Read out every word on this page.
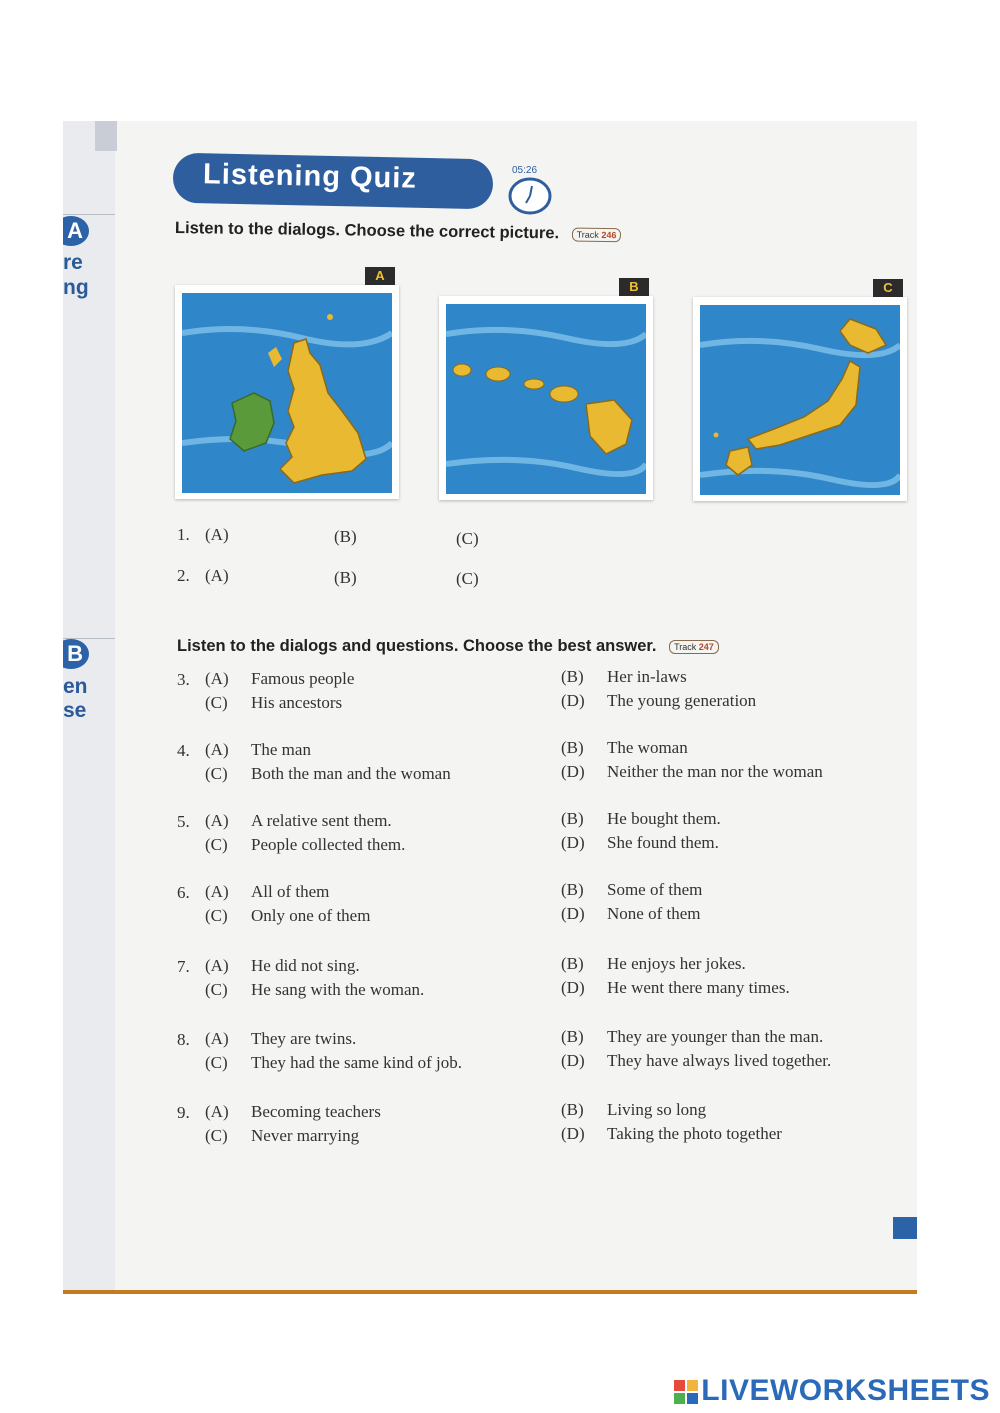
A
re
ng
B
en
se
Listening Quiz	05:26
Listen to the dialogs. Choose the correct picture. Track 246
A
B	C
1. (A)	(B)	(C)
2. (A)	(B)	(C)
Listen to the dialogs and questions. Choose the best answer. Track 247
3. (A) Famous people
(C) His ancestors
(B) Her in-laws
(D) The young generation
4. (A) The man
(C) Both the man and the woman
(B) The woman
(D) Neither the man nor the woman
5. (A) A relative sent them.
(C) People collected them.
(B) He bought them.
(D) She found them.
6. (A) All of them
(C) Only one of them
(B) Some of them
(D) None of them
7. (A) He did not sing.
(C) He sang with the woman.
(B) He enjoys her jokes.
(D) He went there many times.
8. (A) They are twins.
(C) They had the same kind of job.
(B) They are younger than the man.
(D) They have always lived together.
9. (A) Becoming teachers
(C) Never marrying
(B) Living so long
(D) Taking the photo together
LIVEWORKSHEETS
